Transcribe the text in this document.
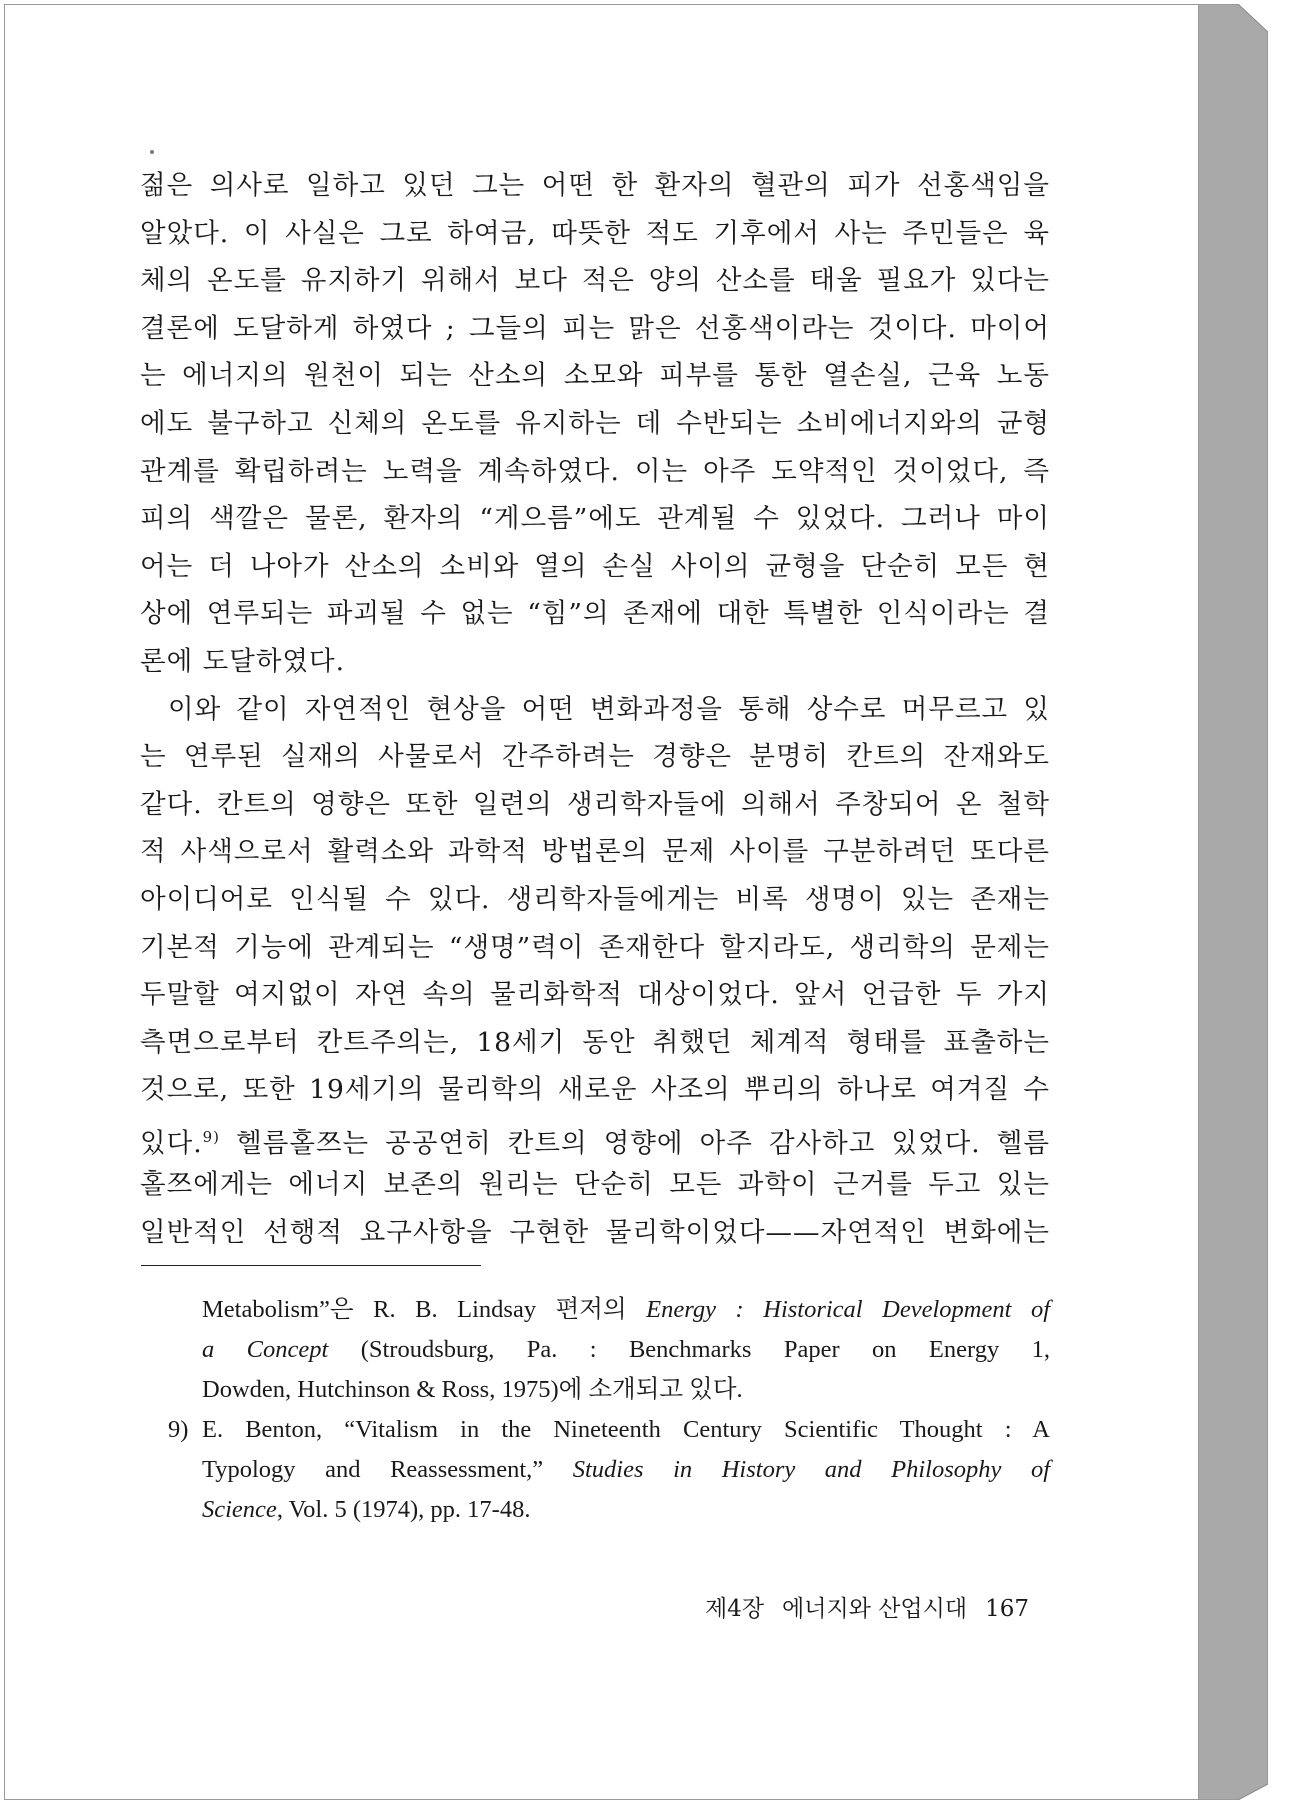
젊은 의사로 일하고 있던 그는 어떤 한 환자의 혈관의 피가 선홍색임을
알았다. 이 사실은 그로 하여금, 따뜻한 적도 기후에서 사는 주민들은 육
체의 온도를 유지하기 위해서 보다 적은 양의 산소를 태울 필요가 있다는
결론에 도달하게 하였다 ; 그들의 피는 맑은 선홍색이라는 것이다. 마이어
는 에너지의 원천이 되는 산소의 소모와 피부를 통한 열손실, 근육 노동
에도 불구하고 신체의 온도를 유지하는 데 수반되는 소비에너지와의 균형
관계를 확립하려는 노력을 계속하였다. 이는 아주 도약적인 것이었다, 즉
피의 색깔은 물론, 환자의 “게으름”에도 관계될 수 있었다. 그러나 마이
어는 더 나아가 산소의 소비와 열의 손실 사이의 균형을 단순히 모든 현
상에 연루되는 파괴될 수 없는 “힘”의 존재에 대한 특별한 인식이라는 결
론에 도달하였다.
이와 같이 자연적인 현상을 어떤 변화과정을 통해 상수로 머무르고 있
는 연루된 실재의 사물로서 간주하려는 경향은 분명히 칸트의 잔재와도
같다. 칸트의 영향은 또한 일련의 생리학자들에 의해서 주창되어 온 철학
적 사색으로서 활력소와 과학적 방법론의 문제 사이를 구분하려던 또다른
아이디어로 인식될 수 있다. 생리학자들에게는 비록 생명이 있는 존재는
기본적 기능에 관계되는 “생명”력이 존재한다 할지라도, 생리학의 문제는
두말할 여지없이 자연 속의 물리화학적 대상이었다. 앞서 언급한 두 가지
측면으로부터 칸트주의는, 18세기 동안 취했던 체계적 형태를 표출하는
것으로, 또한 19세기의 물리학의 새로운 사조의 뿌리의 하나로 여겨질 수
있다.$^{9)}$ 헬름홀쯔는 공공연히 칸트의 영향에 아주 감사하고 있었다. 헬름
홀쯔에게는 에너지 보존의 원리는 단순히 모든 과학이 근거를 두고 있는
일반적인 선행적 요구사항을 구현한 물리학이었다——자연적인 변화에는
Metabolism”은 R. B. Lindsay 편저의 Energy : Historical Development of
a Concept (Stroudsburg, Pa. : Benchmarks Paper on Energy 1,
Dowden, Hutchinson & Ross, 1975)에 소개되고 있다.
9) E. Benton, “Vitalism in the Nineteenth Century Scientific Thought : A
Typology and Reassessment,” Studies in History and Philosophy of
Science, Vol. 5 (1974), pp. 17-48.
제4장 에너지와 산업시대 167
